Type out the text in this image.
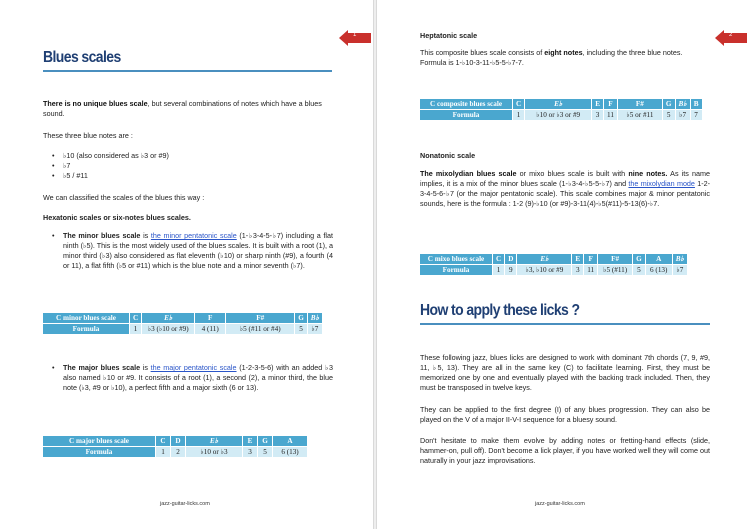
1
Blues scales
There is no unique blues scale, but several combinations of notes which have a blues sound.
These three blue notes are :
• ♭10 (also considered as ♭3 or #9)
• ♭7
• ♭5 / #11
We can classified the scales of the blues this way :
Hexatonic scales or six-notes blues scales.
• The minor blues scale is the minor pentatonic scale (1-♭3-4-5-♭7) including a flat ninth (♭5). This is the most widely used of the blues scales. It is built with a root (1), a minor third (♭3) also considered as flat eleventh (♭10) or sharp ninth (#9), a fourth (4 or 11), a flat fifth (♭5 or #11) which is the blue note and a minor seventh (♭7).
C minor blues scale	C	E♭	F	F#	G	B♭
Formula	1	♭3 (♭10 or #9)	4 (11)	♭5 (#11 or #4)	5	♭7
• The major blues scale is the major pentatonic scale (1-2-3-5-6) with an added ♭3 also named ♭10 or #9. It consists of a root (1), a second (2), a minor third, the blue note (♭3, #9 or ♭10), a perfect fifth and a major sixth (6 or 13).
C major blues scale	C	D	E♭	E	G	A
Formula	1	2	♭10 or ♭3	3	5	6 (13)
jazz-guitar-licks.com
2
Heptatonic scale
This composite blues scale consists of eight notes, including the three blue notes. Formula is 1-♭10-3-11-♭5-5-♭7-7.
C composite blues scale	C	E♭	E	F	F#	G	B♭	B
Formula	1	♭10 or ♭3 or #9	3	11	♭5 or #11	5	♭7	7
Nonatonic scale
The mixolydian blues scale or mixo blues scale is built with nine notes. As its name implies, it is a mix of the minor blues scale (1-♭3-4-♭5-5-♭7) and the mixolydian mode 1-2-3-4-5-6-♭7 (or the major pentatonic scale). This scale combines major & minor pentatonic sounds, here is the formula : 1-2 (9)-♭10 (or #9)-3-11(4)-♭5(#11)-5-13(6)-♭7.
C mixo blues scale	C	D	E♭	E	F	F#	G	A	B♭
Formula	1	9	♭3, ♭10 or #9	3	11	♭5 (#11)	5	6 (13)	♭7
How to apply these licks ?
These following jazz, blues licks are designed to work with dominant 7th chords (7, 9, #9, 11, ♭5, 13). They are all in the same key (C) to facilitate learning. First, they must be memorized one by one and eventually played with the backing track included. Then, they must be transposed in twelve keys.
They can be applied to the first degree (I) of any blues progression. They can also be played on the V of a major II-V-I sequence for a bluesy sound.
Don't hesitate to make them evolve by adding notes or fretting-hand effects (slide, hammer-on, pull off). Don't become a lick player, if you have worked well they will come out naturally in your jazz improvisations.
jazz-guitar-licks.com
